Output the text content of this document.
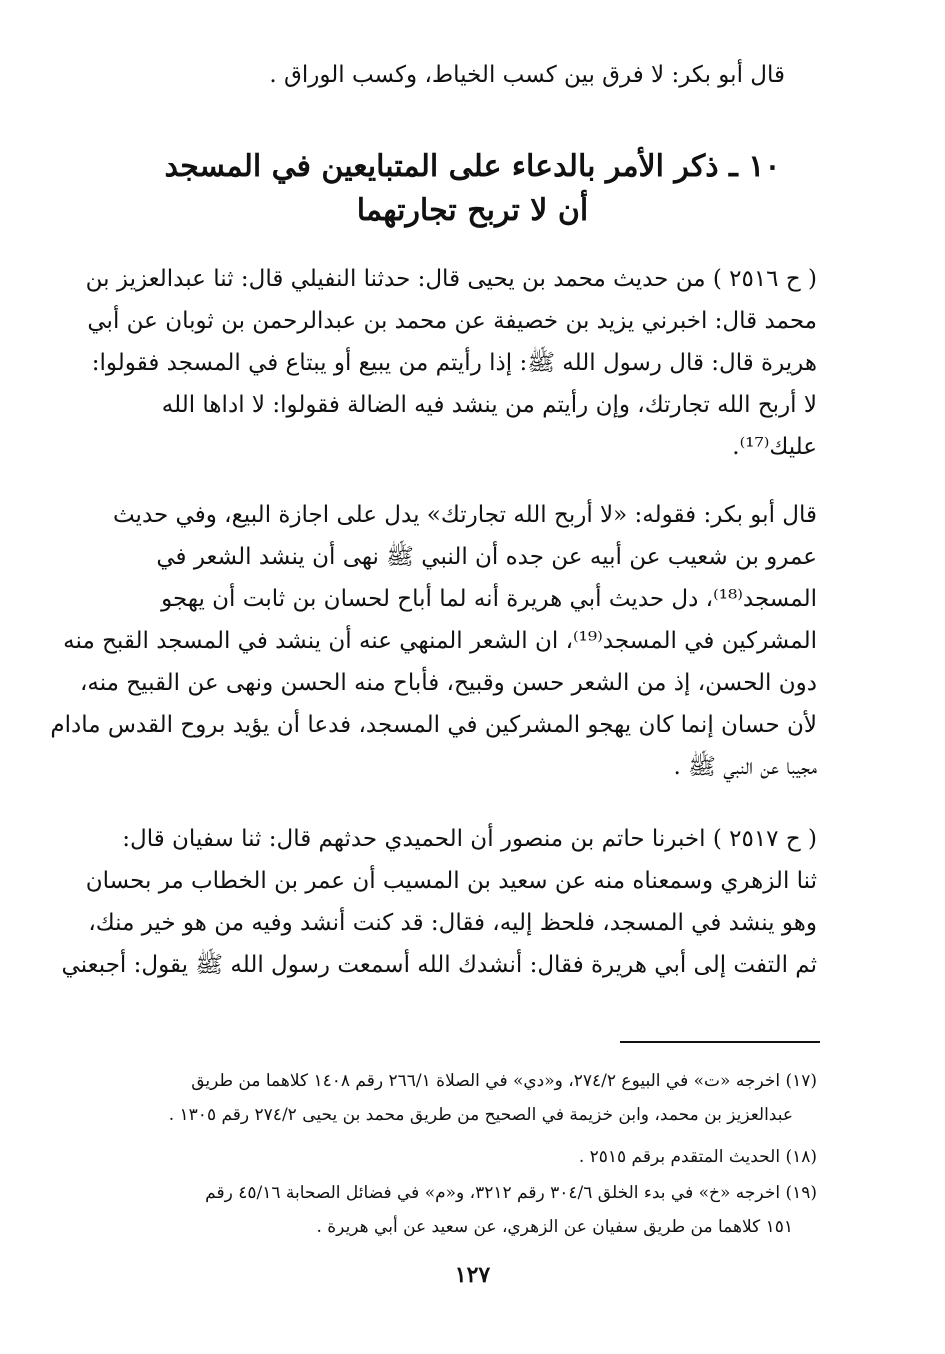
قال أبو بكر: لا فرق بين كسب الخياط، وكسب الوراق .
١٠ ـ ذكر الأمر بالدعاء على المتبايعين في المسجد
أن لا تربح تجارتهما
( ح ٢٥١٦ ) من حديث محمد بن يحيى قال: حدثنا النفيلي قال: ثنا عبدالعزيز بن
محمد قال: اخبرني يزيد بن خصيفة عن محمد بن عبدالرحمن بن ثوبان عن أبي
هريرة قال: قال رسول الله ﷺ: إذا رأيتم من يبيع أو يبتاع في المسجد فقولوا:
لا أربح الله تجارتك، وإن رأيتم من ينشد فيه الضالة فقولوا: لا اداها الله
عليك⁽¹⁷⁾.
قال أبو بكر: فقوله: «لا أربح الله تجارتك» يدل على اجازة البيع، وفي حديث
عمرو بن شعيب عن أبيه عن جده أن النبي ﷺ نهى أن ينشد الشعر في
المسجد⁽¹⁸⁾، دل حديث أبي هريرة أنه لما أباح لحسان بن ثابت أن يهجو
المشركين في المسجد⁽¹⁹⁾، ان الشعر المنهي عنه أن ينشد في المسجد القبح منه
دون الحسن، إذ من الشعر حسن وقبيح، فأباح منه الحسن ونهى عن القبيح منه،
لأن حسان إنما كان يهجو المشركين في المسجد، فدعا أن يؤيد بروح القدس مادام
مجيبا عن النبي ﷺ .
( ح ٢٥١٧ ) اخبرنا حاتم بن منصور أن الحميدي حدثهم قال: ثنا سفيان قال:
ثنا الزهري وسمعناه منه عن سعيد بن المسيب أن عمر بن الخطاب مر بحسان
وهو ينشد في المسجد، فلحظ إليه، فقال: قد كنت أنشد وفيه من هو خير منك،
ثم التفت إلى أبي هريرة فقال: أنشدك الله أسمعت رسول الله ﷺ يقول: أجبعني
(١٧) اخرجه «ت» في البيوع ٢٧٤/٢، و«دي» في الصلاة ٢٦٦/١ رقم ١٤٠٨ كلاهما من طريق
عبدالعزيز بن محمد، وابن خزيمة في الصحيح من طريق محمد بن يحيى ٢٧٤/٢ رقم ١٣٠٥ .
(١٨) الحديث المتقدم برقم ٢٥١٥ .
(١٩) اخرجه «خ» في بدء الخلق ٣٠٤/٦ رقم ٣٢١٢، و«م» في فضائل الصحابة ٤٥/١٦ رقم
١٥١ كلاهما من طريق سفيان عن الزهري، عن سعيد عن أبي هريرة .
١٢٧
